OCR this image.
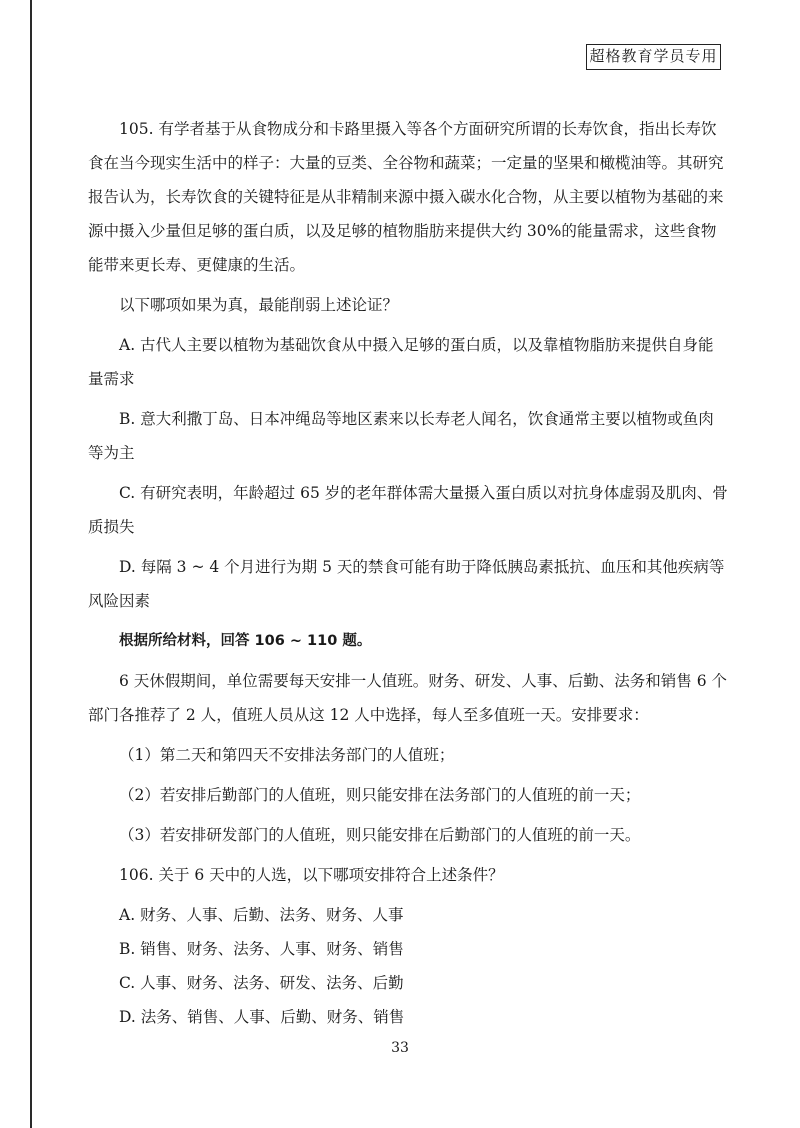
超格教育学员专用

105. 有学者基于从食物成分和卡路里摄入等各个方面研究所谓的长寿饮食，指出长寿饮食在当今现实生活中的样子：大量的豆类、全谷物和蔬菜；一定量的坚果和橄榄油等。其研究报告认为，长寿饮食的关键特征是从非精制来源中摄入碳水化合物，从主要以植物为基础的来源中摄入少量但足够的蛋白质，以及足够的植物脂肪来提供大约 30%的能量需求，这些食物能带来更长寿、更健康的生活。

以下哪项如果为真，最能削弱上述论证？

A. 古代人主要以植物为基础饮食从中摄入足够的蛋白质，以及靠植物脂肪来提供自身能量需求

B. 意大利撒丁岛、日本冲绳岛等地区素来以长寿老人闻名，饮食通常主要以植物或鱼肉等为主

C. 有研究表明，年龄超过 65 岁的老年群体需大量摄入蛋白质以对抗身体虚弱及肌肉、骨质损失

D. 每隔 3 ~ 4 个月进行为期 5 天的禁食可能有助于降低胰岛素抵抗、血压和其他疾病等风险因素

根据所给材料，回答 106 ~ 110 题。

6 天休假期间，单位需要每天安排一人值班。财务、研发、人事、后勤、法务和销售 6 个部门各推荐了 2 人，值班人员从这 12 人中选择，每人至多值班一天。安排要求：

（1）第二天和第四天不安排法务部门的人值班；

（2）若安排后勤部门的人值班，则只能安排在法务部门的人值班的前一天；

（3）若安排研发部门的人值班，则只能安排在后勤部门的人值班的前一天。

106. 关于 6 天中的人选，以下哪项安排符合上述条件？

A. 财务、人事、后勤、法务、财务、人事

B. 销售、财务、法务、人事、财务、销售

C. 人事、财务、法务、研发、法务、后勤

D. 法务、销售、人事、后勤、财务、销售

33
